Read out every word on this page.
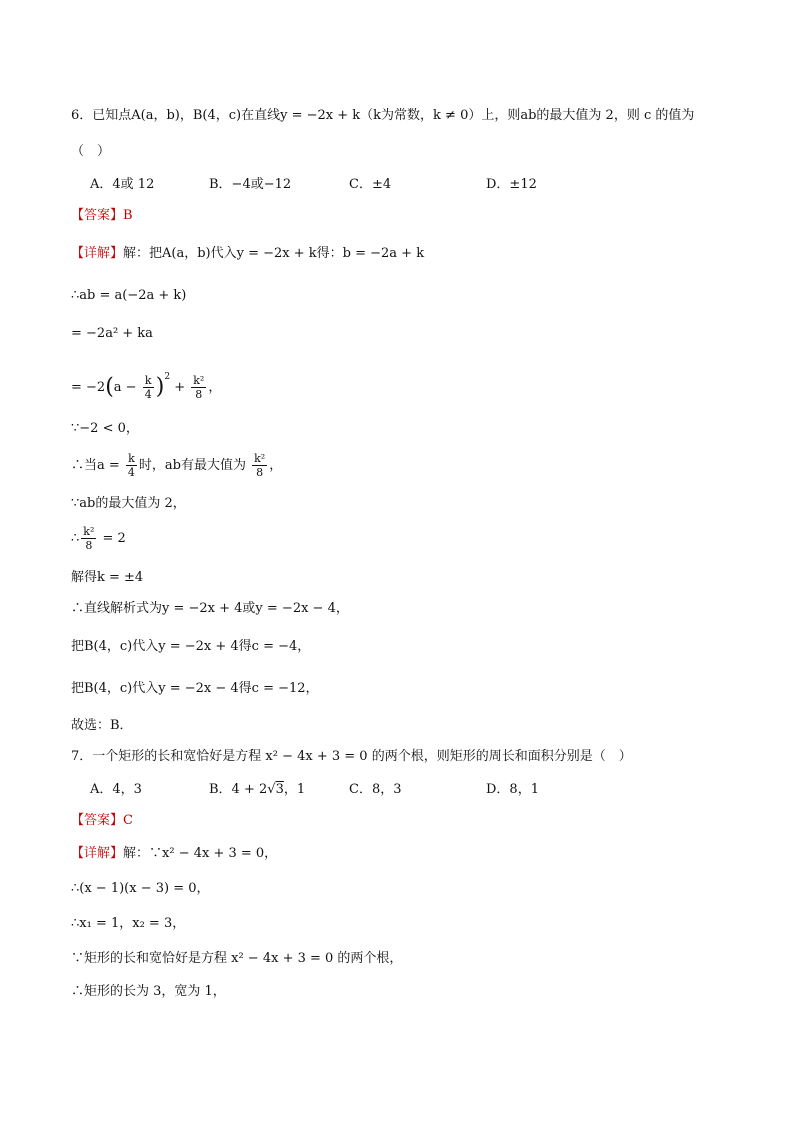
6．已知点A(a，b)，B(4，c)在直线y = −2x + k（k为常数，k ≠ 0）上，则ab的最大值为 2，则 c 的值为
（　）
A．4或 12	B．−4或−12	C．±4	D．±12
【答案】B
【详解】解：把A(a，b)代入y = −2x + k得：b = −2a + k
∴ab = a(−2a + k)
= −2a² + ka
= $-2(a - \frac{k}{4} )^2 + \frac{\text{k²}}{8}$ ，
∵−2 < 0，
∴当$a = \frac{k}{4}$ 时，ab有最大值为 $\frac{\text{k²}}{8}$ ，
∵ab的最大值为 2，
∴ $\frac{\text{k²}}{8} = 2$
解得k = ±4
∴直线解析式为y = −2x + 4或y = −2x − 4，
把B(4，c)代入y = −2x + 4得c = −4，
把B(4，c)代入y = −2x − 4得c = −12，
故选：B．
7．一个矩形的长和宽恰好是方程 x² − 4x + 3 = 0 的两个根，则矩形的周长和面积分别是（　）
A．4，3	B．4 + 2√3，1	C．8，3	D．8，1
【答案】C
【详解】解：∵x² − 4x + 3 = 0，
∴(x − 1)(x − 3) = 0，
∴x₁ = 1，x₂ = 3，
∵矩形的长和宽恰好是方程 x² − 4x + 3 = 0 的两个根，
∴矩形的长为 3，宽为 1，
